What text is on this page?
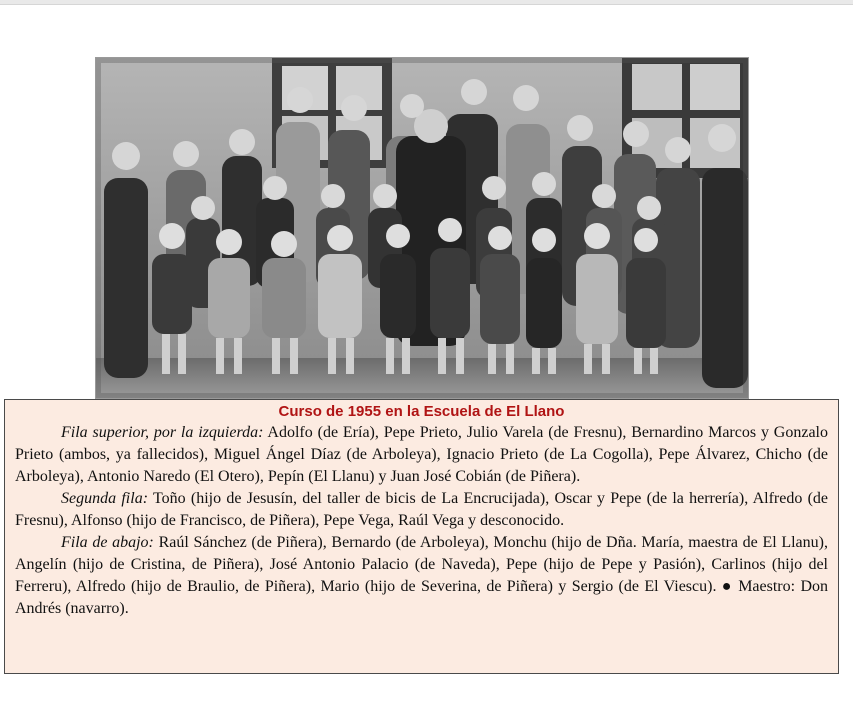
Curso de 1955 en la Escuela de El Llano

Fila superior, por la izquierda: Adolfo (de Ería), Pepe Prieto, Julio Varela (de Fresnu), Bernardino Marcos y Gonzalo Prieto (ambos, ya fallecidos), Miguel Ángel Díaz (de Arboleya), Ignacio Prieto (de La Cogolla), Pepe Álvarez, Chicho (de Arboleya), Antonio Naredo (El Otero), Pepín (El Llanu) y Juan José Cobián (de Piñera).

Segunda fila: Toño (hijo de Jesusín, del taller de bicis de La Encrucijada), Oscar y Pepe (de la herrería), Alfredo (de Fresnu), Alfonso (hijo de Francisco, de Piñera), Pepe Vega, Raúl Vega y desconocido.

Fila de abajo: Raúl Sánchez (de Piñera), Bernardo (de Arboleya), Monchu (hijo de Dña. María, maestra de El Llanu), Angelín (hijo de Cristina, de Piñera), José Antonio Palacio (de Naveda), Pepe (hijo de Pepe y Pasión), Carlinos (hijo del Ferreru), Alfredo (hijo de Braulio, de Piñera), Mario (hijo de Severina, de Piñera) y Sergio (de El Viescu). ● Maestro: Don Andrés (navarro).
